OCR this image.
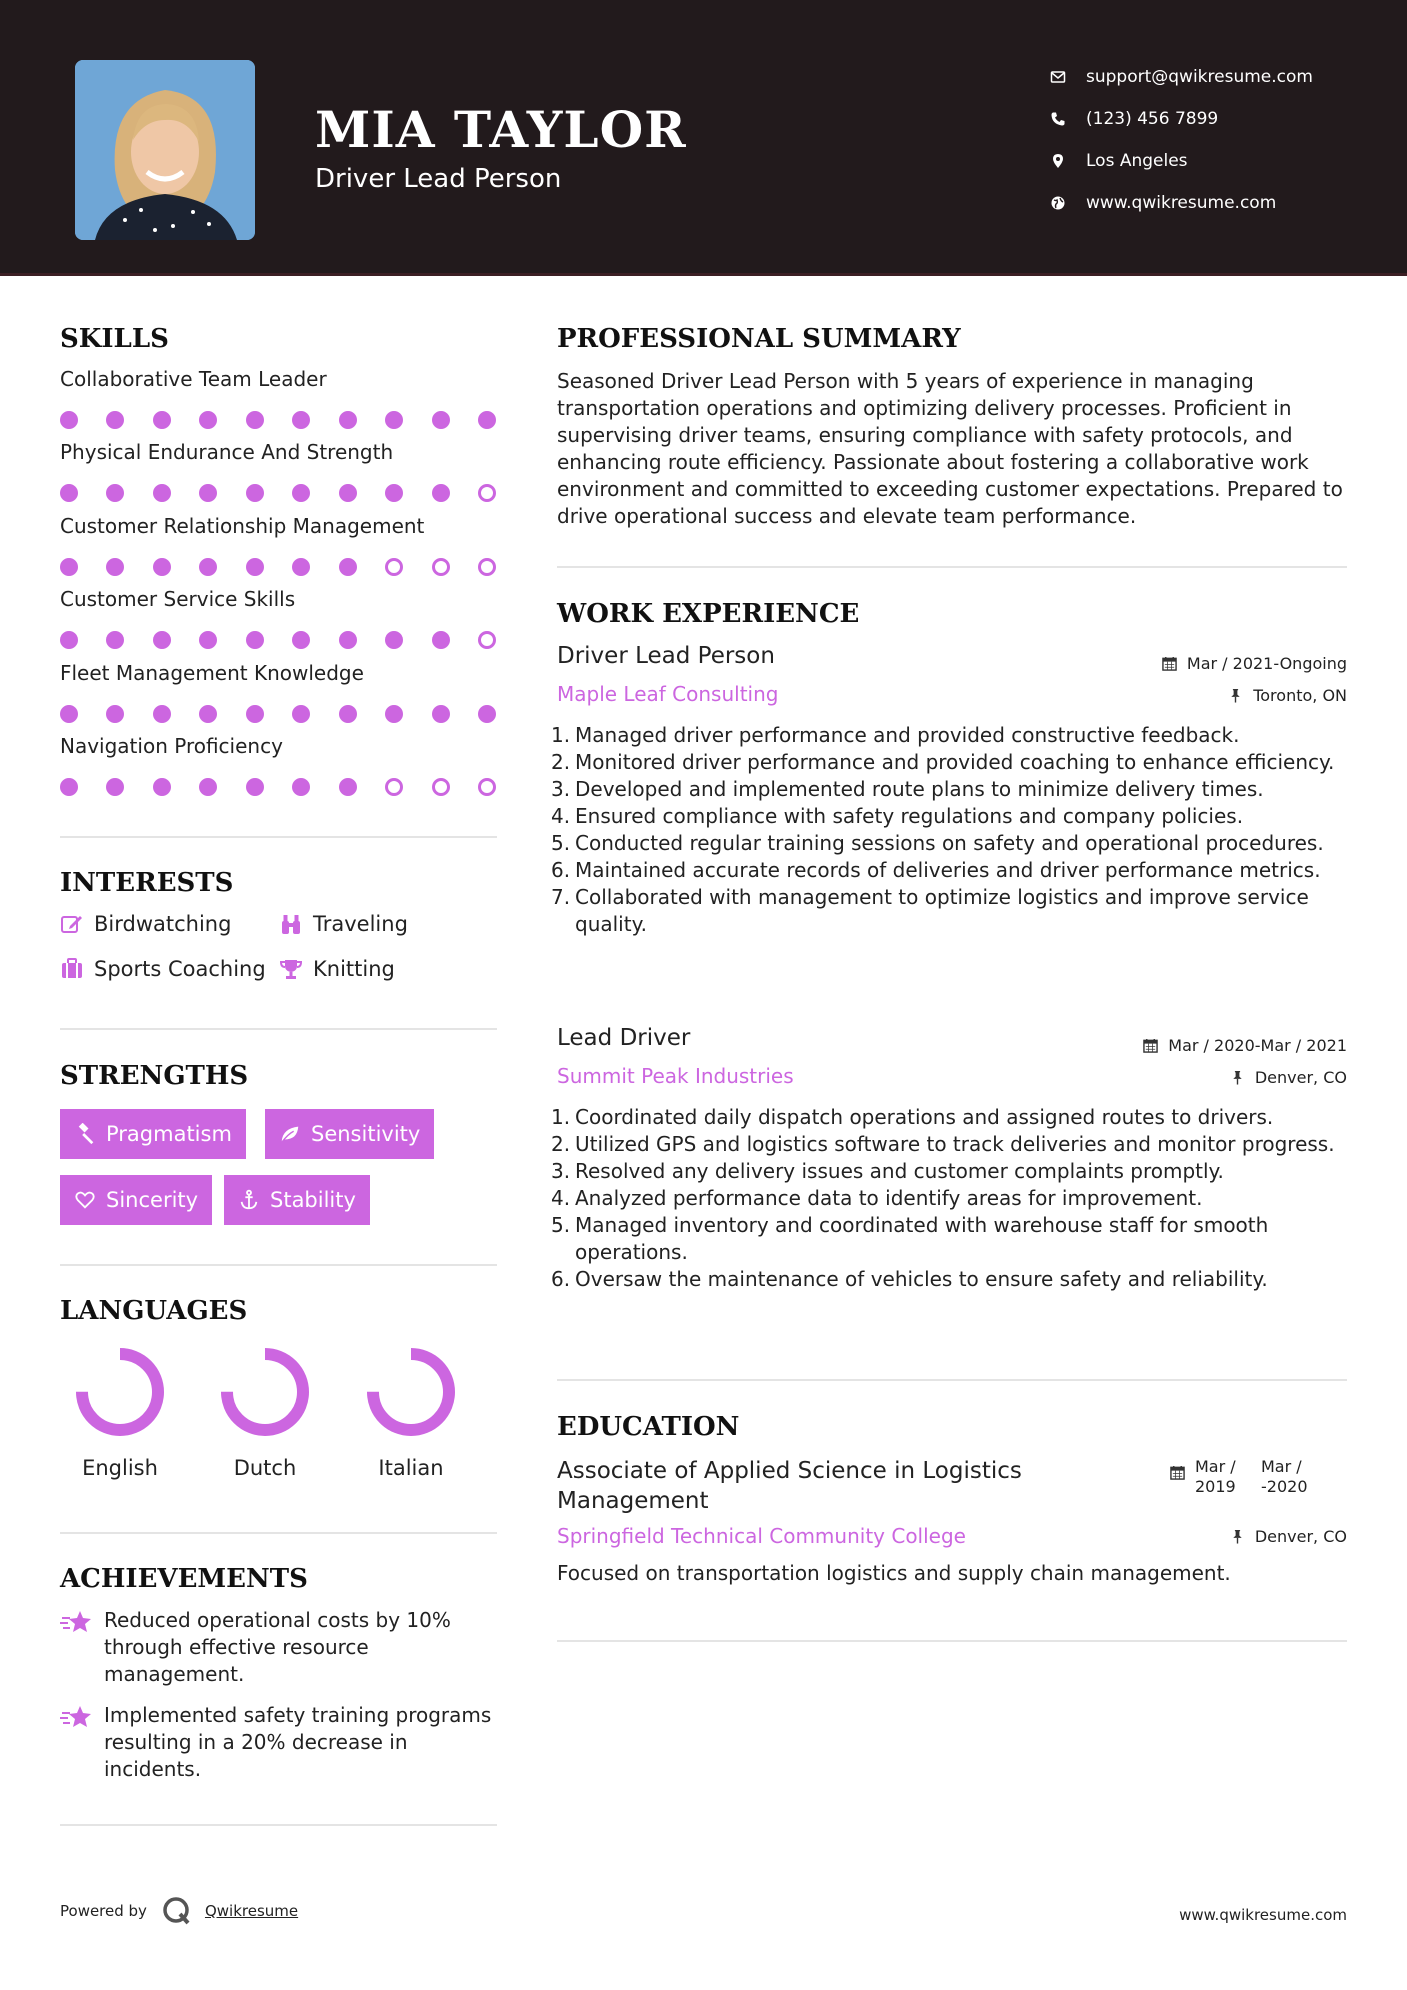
MIA TAYLOR
Driver Lead Person
support@qwikresume.com
(123) 456 7899
Los Angeles
www.qwikresume.com
SKILLS
Collaborative Team Leader
Physical Endurance And Strength
Customer Relationship Management
Customer Service Skills
Fleet Management Knowledge
Navigation Proficiency
INTERESTS
Birdwatching	Traveling
Sports Coaching Knitting
STRENGTHS
Pragmatism	Sensitivity
Sincerity	Stability
LANGUAGES
English	Dutch	Italian
ACHIEVEMENTS
Reduced operational costs by 10% through effective resource management.
Implemented safety training programs resulting in a 20% decrease in incidents.
PROFESSIONAL SUMMARY
Seasoned Driver Lead Person with 5 years of experience in managing transportation operations and optimizing delivery processes. Proficient in supervising driver teams, ensuring compliance with safety protocols, and enhancing route efficiency. Passionate about fostering a collaborative work environment and committed to exceeding customer expectations. Prepared to drive operational success and elevate team performance.
WORK EXPERIENCE
Driver Lead Person	Mar / 2021-Ongoing
Maple Leaf Consulting	Toronto, ON
1. Managed driver performance and provided constructive feedback.
2. Monitored driver performance and provided coaching to enhance efficiency.
3. Developed and implemented route plans to minimize delivery times.
4. Ensured compliance with safety regulations and company policies.
5. Conducted regular training sessions on safety and operational procedures.
6. Maintained accurate records of deliveries and driver performance metrics.
7. Collaborated with management to optimize logistics and improve service quality.
Lead Driver	Mar / 2020-Mar / 2021
Summit Peak Industries	Denver, CO
1. Coordinated daily dispatch operations and assigned routes to drivers.
2. Utilized GPS and logistics software to track deliveries and monitor progress.
3. Resolved any delivery issues and customer complaints promptly.
4. Analyzed performance data to identify areas for improvement.
5. Managed inventory and coordinated with warehouse staff for smooth operations.
6. Oversaw the maintenance of vehicles to ensure safety and reliability.
EDUCATION
Associate of Applied Science in Logistics Management
Mar /
2019
Mar /
-2020
Springfield Technical Community College	Denver, CO
Focused on transportation logistics and supply chain management.
Powered by	Qwikresume	www.qwikresume.com
